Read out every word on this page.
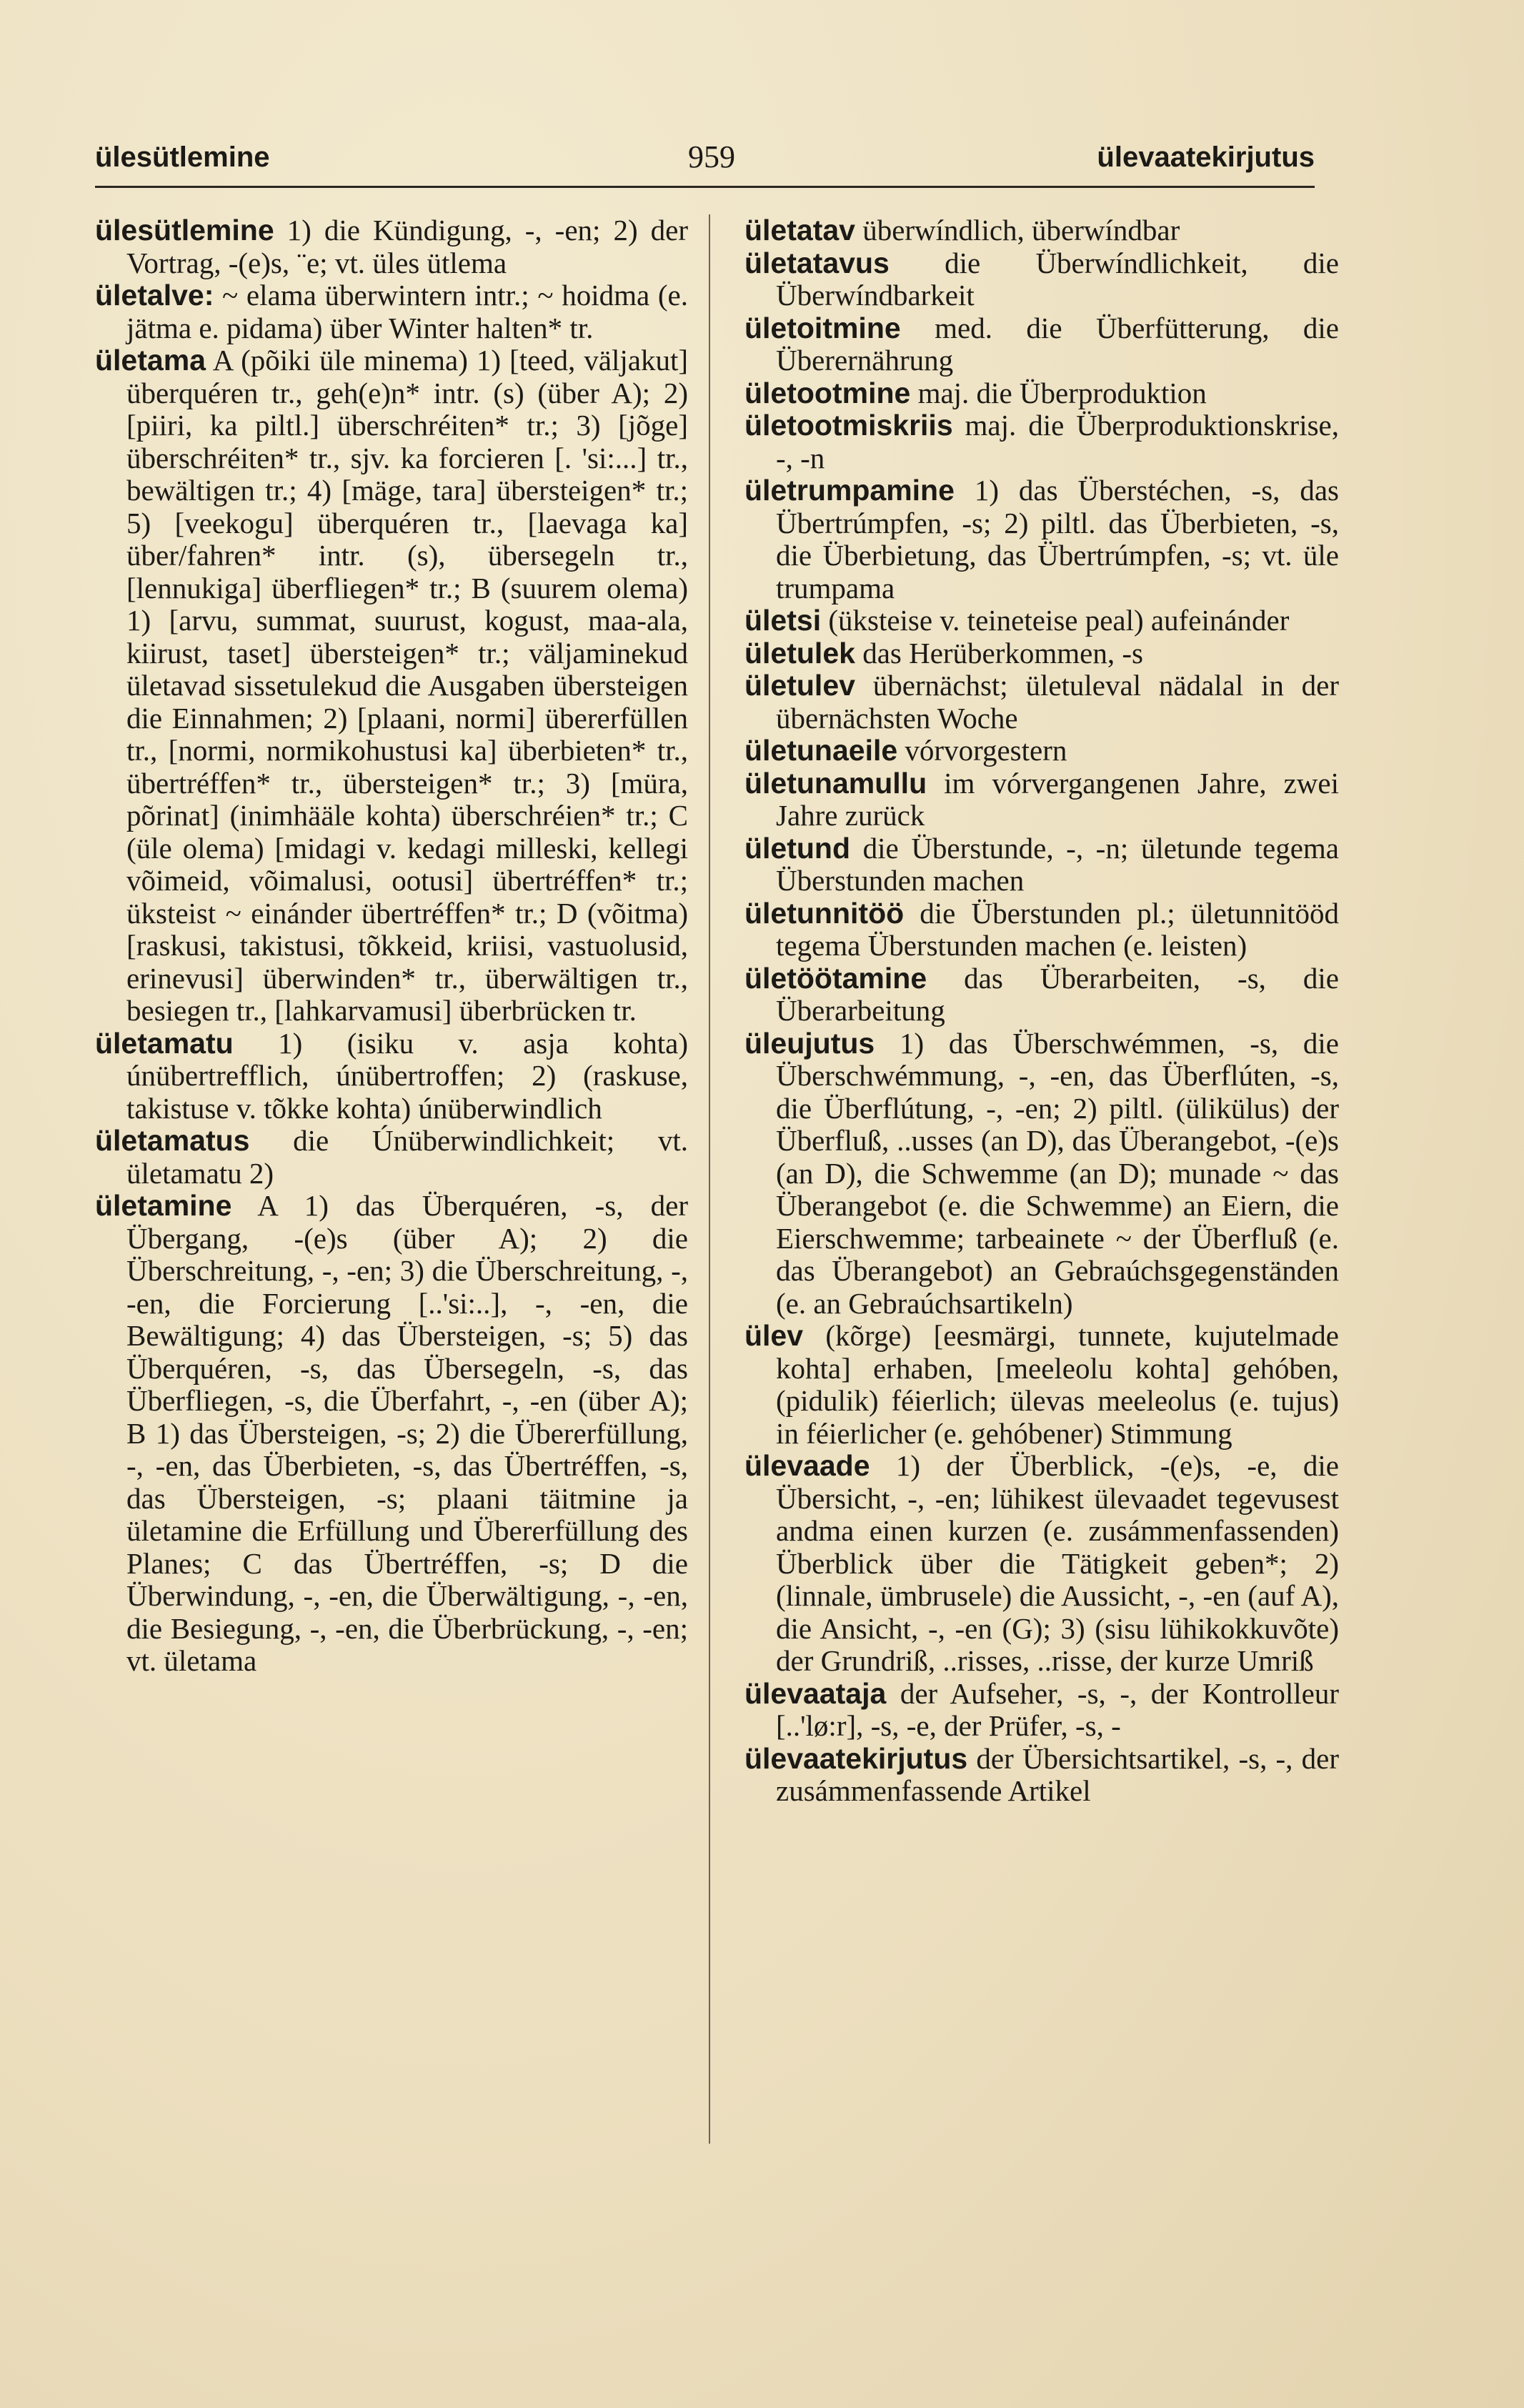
ülesütlemine	959	ülevaatekirjutus

ülesütlemine 1) die Kündigung, -, -en; 2) der Vortrag, -(e)s, ¨e; vt. üles ütlema

ületalve: ~ elama überwintern intr.; ~ hoidma (e. jätma e. pidama) über Winter halten* tr.

ületama A (põiki üle minema) 1) [teed, väljakut] überquéren tr., geh(e)n* intr. (s) (über A); 2) [piiri, ka piltl.] überschréiten* tr.; 3) [jõge] überschréiten* tr., sjv. ka forcieren [. 'si:...] tr., bewältigen tr.; 4) [mäge, tara] übersteigen* tr.; 5) [veekogu] überquéren tr., [laevaga ka] über/fahren* intr. (s), übersegeln tr., [lennukiga] überfliegen* tr.; B (suurem olema) 1) [arvu, summat, suurust, kogust, maa-ala, kiirust, taset] übersteigen* tr.; väljaminekud ületavad sissetulekud die Ausgaben übersteigen die Einnahmen; 2) [plaani, normi] übererfüllen tr., [normi, normikohustusi ka] überbieten* tr., übertréffen* tr., übersteigen* tr.; 3) [müra, põrinat] (inimhääle kohta) überschréien* tr.; C (üle olema) [midagi v. kedagi milleski, kellegi võimeid, võimalusi, ootusi] übertréffen* tr.; üksteist ~ einánder übertréffen* tr.; D (võitma) [raskusi, takistusi, tõkkeid, kriisi, vastuolusid, erinevusi] überwinden* tr., überwältigen tr., besiegen tr., [lahkarvamusi] überbrücken tr.

ületamatu 1) (isiku v. asja kohta) únübertrefflich, únübertroffen; 2) (raskuse, takistuse v. tõkke kohta) únüberwindlich

ületamatus die Únüberwindlichkeit; vt. ületamatu 2)

ületamine A 1) das Überquéren, -s, der Übergang, -(e)s (über A); 2) die Überschreitung, -, -en; 3) die Überschreitung, -, -en, die Forcierung [..'si:..], -, -en, die Bewältigung; 4) das Übersteigen, -s; 5) das Überquéren, -s, das Übersegeln, -s, das Überfliegen, -s, die Überfahrt, -, -en (über A); B 1) das Übersteigen, -s; 2) die Übererfüllung, -, -en, das Überbieten, -s, das Übertréffen, -s, das Übersteigen, -s; plaani täitmine ja ületamine die Erfüllung und Übererfüllung des Planes; C das Übertréffen, -s; D die Überwindung, -, -en, die Überwältigung, -, -en, die Besiegung, -, -en, die Überbrückung, -, -en; vt. ületama

ületatav überwíndlich, überwíndbar

ületatavus die Überwíndlichkeit, die Überwíndbarkeit

ületoitmine med. die Überfütterung, die Überernährung

ületootmine maj. die Überproduktion

ületootmiskriis maj. die Überproduktionskrise, -, -n

ületrumpamine 1) das Überstéchen, -s, das Übertrúmpfen, -s; 2) piltl. das Überbieten, -s, die Überbietung, das Übertrúmpfen, -s; vt. üle trumpama

ületsi (üksteise v. teineteise peal) aufeinánder

ületulek das Herüberkommen, -s

ületulev übernächst; ületuleval nädalal in der übernächsten Woche

ületunaeile vórvorgestern

ületunamullu im vórvergangenen Jahre, zwei Jahre zurück

ületund die Überstunde, -, -n; ületunde tegema Überstunden machen

ületunnitöö die Überstunden pl.; ületunnitööd tegema Überstunden machen (e. leisten)

ületöötamine das Überarbeiten, -s, die Überarbeitung

üleujutus 1) das Überschwémmen, -s, die Überschwémmung, -, -en, das Überflúten, -s, die Überflútung, -, -en; 2) piltl. (ülikülus) der Überfluß, ..usses (an D), das Überangebot, -(e)s (an D), die Schwemme (an D); munade ~ das Überangebot (e. die Schwemme) an Eiern, die Eierschwemme; tarbeainete ~ der Überfluß (e. das Überangebot) an Gebraúchsgegenständen (e. an Gebraúchsartikeln)

ülev (kõrge) [eesmärgi, tunnete, kujutelmade kohta] erhaben, [meeleolu kohta] gehóben, (pidulik) féierlich; ülevas meeleolus (e. tujus) in féierlicher (e. gehóbener) Stimmung

ülevaade 1) der Überblick, -(e)s, -e, die Übersicht, -, -en; lühikest ülevaadet tegevusest andma einen kurzen (e. zusámmenfassenden) Überblick über die Tätigkeit geben*; 2) (linnale, ümbrusele) die Aussicht, -, -en (auf A), die Ansicht, -, -en (G); 3) (sisu lühikokkuvõte) der Grundriß, ..risses, ..risse, der kurze Umriß

ülevaataja der Aufseher, -s, -, der Kontrolleur [..'lø:r], -s, -e, der Prüfer, -s, -

ülevaatekirjutus der Übersichtsartikel, -s, -, der zusámmenfassende Artikel
